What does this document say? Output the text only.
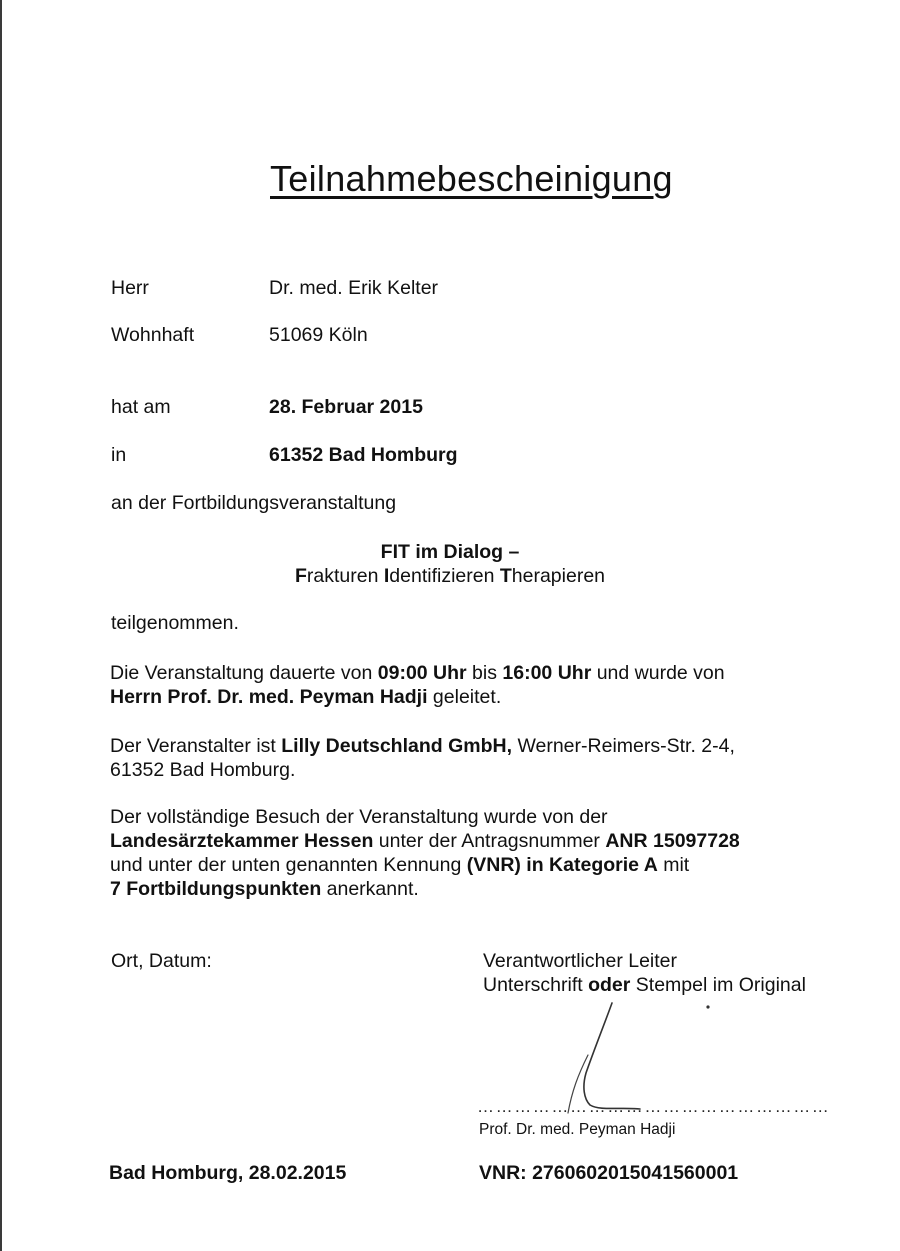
Teilnahmebescheinigung
Herr	Dr. med. Erik Kelter
Wohnhaft	51069 Köln
hat am	28. Februar 2015
in	61352 Bad Homburg
an der Fortbildungsveranstaltung
FIT im Dialog –
Frakturen Identifizieren Therapieren
teilgenommen.
Die Veranstaltung dauerte von 09:00 Uhr bis 16:00 Uhr und wurde von
Herrn Prof. Dr. med. Peyman Hadji geleitet.
Der Veranstalter ist Lilly Deutschland GmbH, Werner-Reimers-Str. 2-4,
61352 Bad Homburg.
Der vollständige Besuch der Veranstaltung wurde von der
Landesärztekammer Hessen unter der Antragsnummer ANR 15097728
und unter der unten genannten Kennung (VNR) in Kategorie A mit
7 Fortbildungspunkten anerkannt.
Ort, Datum:	Verantwortlicher Leiter
Unterschrift oder Stempel im Original
…………………………………………………
Prof. Dr. med. Peyman Hadji
Bad Homburg, 28.02.2015	VNR: 2760602015041560001
